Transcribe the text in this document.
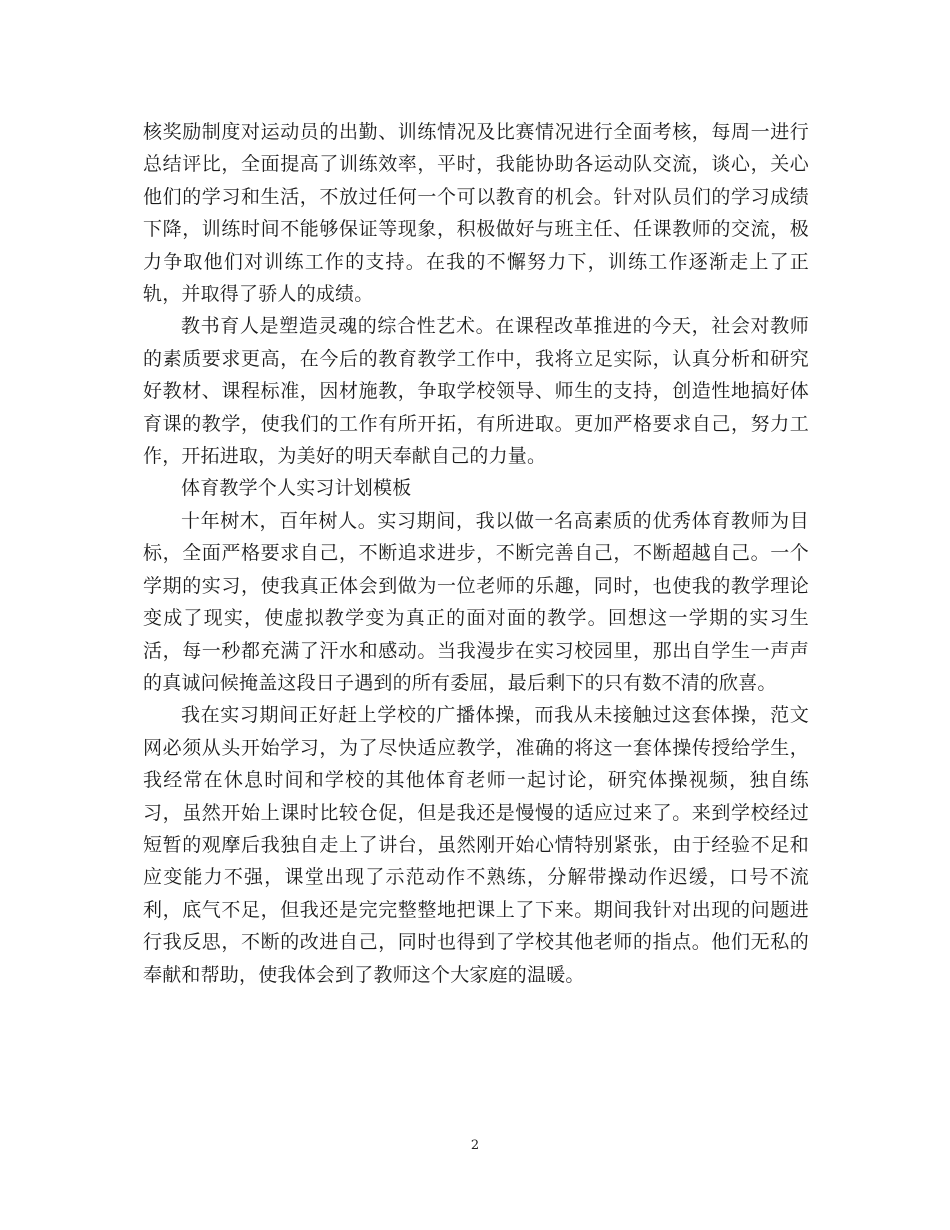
核奖励制度对运动员的出勤、训练情况及比赛情况进行全面考核，每周一进行总结评比，全面提高了训练效率，平时，我能协助各运动队交流，谈心，关心他们的学习和生活，不放过任何一个可以教育的机会。针对队员们的学习成绩下降，训练时间不能够保证等现象，积极做好与班主任、任课教师的交流，极力争取他们对训练工作的支持。在我的不懈努力下，训练工作逐渐走上了正轨，并取得了骄人的成绩。

教书育人是塑造灵魂的综合性艺术。在课程改革推进的今天，社会对教师的素质要求更高，在今后的教育教学工作中，我将立足实际，认真分析和研究好教材、课程标准，因材施教，争取学校领导、师生的支持，创造性地搞好体育课的教学，使我们的工作有所开拓，有所进取。更加严格要求自己，努力工作，开拓进取，为美好的明天奉献自己的力量。

体育教学个人实习计划模板

十年树木，百年树人。实习期间，我以做一名高素质的优秀体育教师为目标，全面严格要求自己，不断追求进步，不断完善自己，不断超越自己。一个学期的实习，使我真正体会到做为一位老师的乐趣，同时，也使我的教学理论变成了现实，使虚拟教学变为真正的面对面的教学。回想这一学期的实习生活，每一秒都充满了汗水和感动。当我漫步在实习校园里，那出自学生一声声的真诚问候掩盖这段日子遇到的所有委屈，最后剩下的只有数不清的欣喜。

我在实习期间正好赶上学校的广播体操，而我从未接触过这套体操，范文网必须从头开始学习，为了尽快适应教学，准确的将这一套体操传授给学生，我经常在休息时间和学校的其他体育老师一起讨论，研究体操视频，独自练习，虽然开始上课时比较仓促，但是我还是慢慢的适应过来了。来到学校经过短暂的观摩后我独自走上了讲台，虽然刚开始心情特别紧张，由于经验不足和应变能力不强，课堂出现了示范动作不熟练，分解带操动作迟缓，口号不流利，底气不足，但我还是完完整整地把课上了下来。期间我针对出现的问题进行我反思，不断的改进自己，同时也得到了学校其他老师的指点。他们无私的奉献和帮助，使我体会到了教师这个大家庭的温暖。

2
